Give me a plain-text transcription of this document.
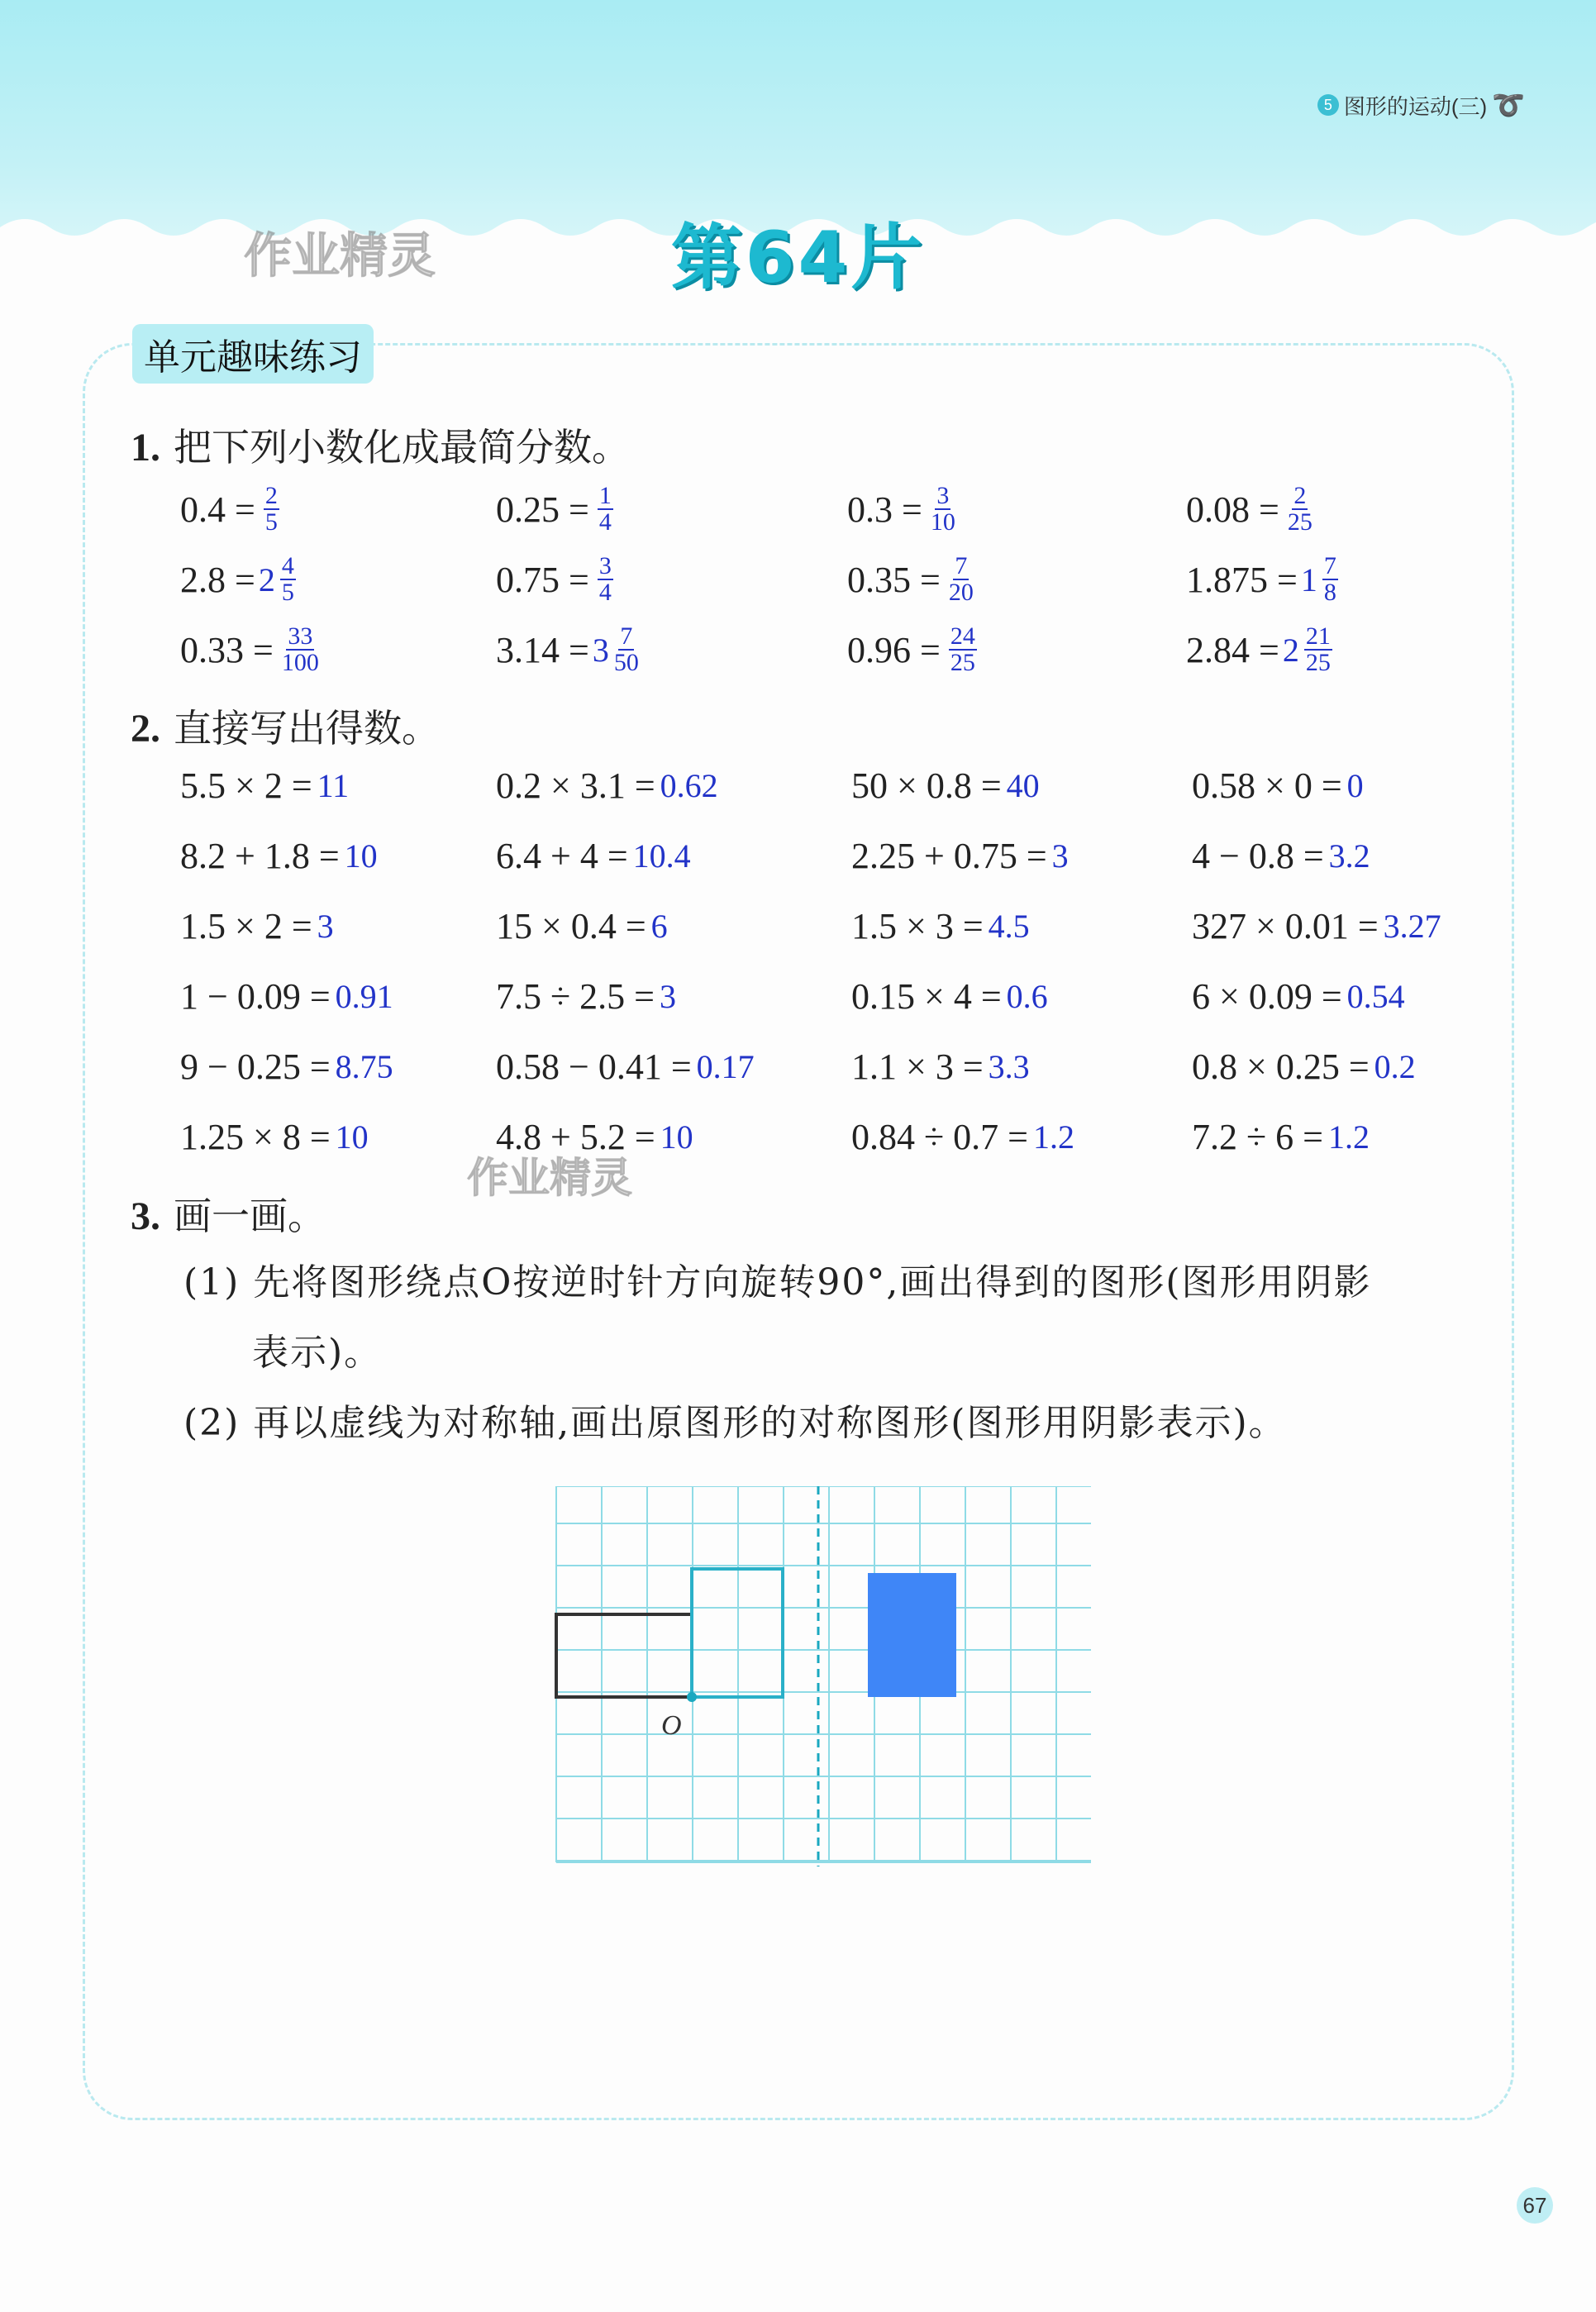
5 图形的运动(三) ➰
第64片
作业精灵
单元趣味练习
1. 把下列小数化成最简分数。
$0.4 = \frac{2}{5}$	$0.25 = \frac{1}{4}$	$0.3 = \frac{3}{10}$	$0.08 = \frac{2}{25}$
$2.8 = 2 \frac{4}{5}$	$0.75 = \frac{3}{4}$	$0.35 = \frac{7}{20}$	$1.875 = 1 \frac{7}{8}$
$0.33 = \frac{33}{100}$	$3.14 = 3 \frac{7}{50}$	$0.96 = \frac{24}{25}$	$2.84 = 2 \frac{21}{25}$
2. 直接写出得数。
5.5 × 2 = 11	0.2 × 3.1 = 0.62	50 × 0.8 = 40	0.58 × 0 = 0
8.2 + 1.8 = 10	6.4 + 4 = 10.4	2.25 + 0.75 = 3	4 − 0.8 = 3.2
1.5 × 2 = 3	15 × 0.4 = 6	1.5 × 3 = 4.5	327 × 0.01 = 3.27
1 − 0.09 = 0.91	7.5 ÷ 2.5 = 3	0.15 × 4 = 0.6	6 × 0.09 = 0.54
9 − 0.25 = 8.75	0.58 − 0.41 = 0.17	1.1 × 3 = 3.3	0.8 × 0.25 = 0.2
1.25 × 8 = 10	4.8 + 5.2 = 10	0.84 ÷ 0.7 = 1.2	7.2 ÷ 6 = 1.2
作业精灵
3. 画一画。
(1) 先将图形绕点O按逆时针方向旋转90°,画出得到的图形(图形用阴影
表示)。
(2) 再以虚线为对称轴,画出原图形的对称图形(图形用阴影表示)。
O
67
